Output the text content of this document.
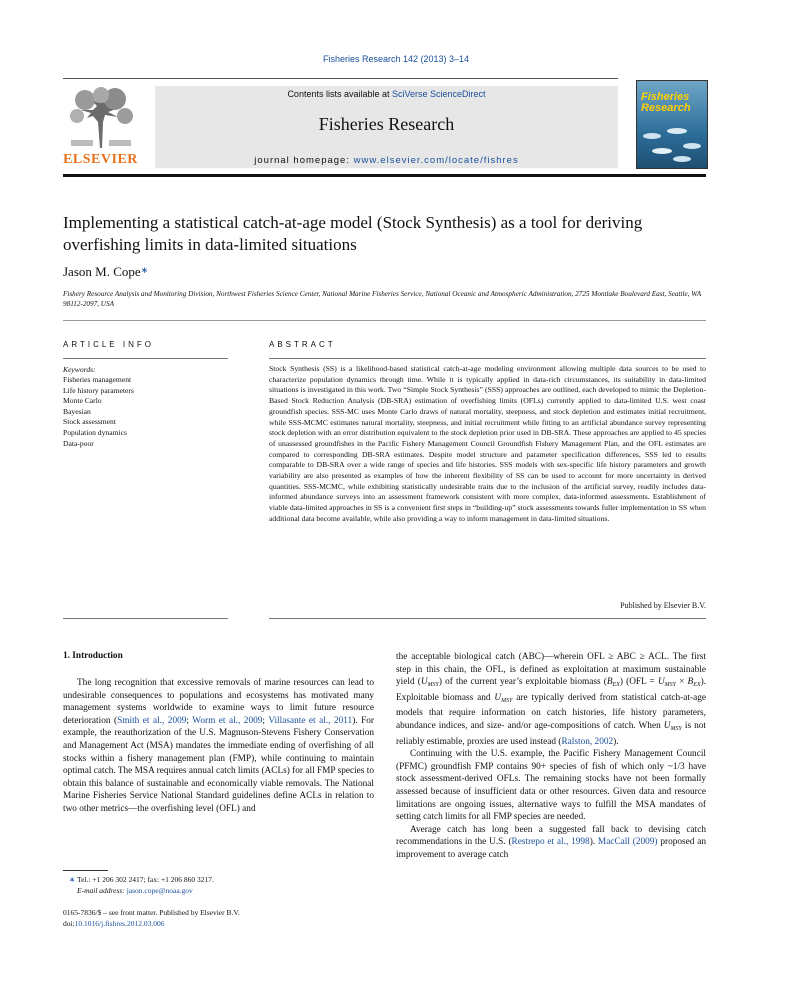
Fisheries Research 142 (2013) 3–14
ELSEVIER
Contents lists available at SciVerse ScienceDirect
Fisheries Research
journal homepage: www.elsevier.com/locate/fishres
Fisheries Research
Implementing a statistical catch-at-age model (Stock Synthesis) as a tool for deriving overfishing limits in data-limited situations
Jason M. Cope∗
Fishery Resource Analysis and Monitoring Division, Northwest Fisheries Science Center, National Marine Fisheries Service, National Oceanic and Atmospheric Administration, 2725 Montlake Boulevard East, Seattle, WA 98112-2097, USA
ARTICLE INFO
Keywords:
Fisheries management
Life history parameters
Monte Carlo
Bayesian
Stock assessment
Population dynamics
Data-poor
ABSTRACT
Stock Synthesis (SS) is a likelihood-based statistical catch-at-age modeling environment allowing multiple data sources to be used to characterize population dynamics through time. While it is typically applied in data-rich circumstances, its suitability in data-limited situations is investigated in this work. Two “Simple Stock Synthesis” (SSS) approaches are outlined, each developed to mimic the Depletion-Based Stock Reduction Analysis (DB-SRA) estimation of overfishing limits (OFLs) currently applied to data-limited U.S. west coast groundfish species. SSS-MC uses Monte Carlo draws of natural mortality, steepness, and stock depletion and estimates initial recruitment, while SSS-MCMC estimates natural mortality, steepness, and initial recruitment while fitting to an artificial abundance survey representing stock depletion with an error distribution equivalent to the stock depletion prior used in DB-SRA. These approaches are applied to 45 species of unassessed groundfishes in the Pacific Fishery Management Council Groundfish Fishery Management Plan, and the OFL estimates are compared to corresponding DB-SRA estimates. Despite model structure and parameter specification differences, SSS led to results comparable to DB-SRA over a wide range of species and life histories. SSS models with sex-specific life history parameters and growth variability are also presented as examples of how the inherent flexibility of SS can be used to account for more uncertainty in derived quantities. SSS-MCMC, while exhibiting statistically undesirable traits due to the inclusion of the artificial survey, readily includes data-informed abundance surveys into an assessment framework consistent with more complex, data-informed assessments. Establishment of viable data-limited approaches in SS is a convenient first steps in “building-up” stock assessments towards fuller implementation in SS when additional data become available, while also providing a way to inform management in data-limited situations.
Published by Elsevier B.V.
1. Introduction

The long recognition that excessive removals of marine resources can lead to undesirable consequences to populations and ecosystems has motivated many management systems worldwide to examine ways to limit future resource deterioration (Smith et al., 2009; Worm et al., 2009; Villasante et al., 2011). For example, the reauthorization of the U.S. Magnuson-Stevens Fishery Conservation and Management Act (MSA) mandates the immediate ending of overfishing of all stocks within a fishery management plan (FMP), while continuing to maintain optimal catch. The MSA requires annual catch limits (ACLs) for all FMP species to obtain this balance of sustainable and economically viable removals. The National Marine Fisheries Service National Standard guidelines define ACLs in relation to two other metrics—the overfishing level (OFL) and

the acceptable biological catch (ABC)—wherein OFL ≥ ABC ≥ ACL. The first step in this chain, the OFL, is defined as exploitation at maximum sustainable yield $(U_{MSY})$ of the current year’s exploitable biomass $(B_{EX}) (OFL = U_{MSY} \times B_{EX})$. Exploitable biomass and $U_{MSY}$ are typically derived from statistical catch-at-age models that require information on catch histories, life history parameters, abundance indices, and size- and/or age-compositions of catch. When $U_{MSY}$ is not reliably estimable, proxies are used instead (Ralston, 2002).

Continuing with the U.S. example, the Pacific Fishery Management Council (PFMC) groundfish FMP contains 90+ species of fish of which only ~1/3 have stock assessment-derived OFLs. The remaining stocks have not been formally assessed because of insufficient data or other resources. Given data and resource limitations are ongoing issues, alternative ways to fulfill the MSA mandates of setting catch limits for all FMP species are needed.

Average catch has long been a suggested fall back to devising catch recommendations in the U.S. (Restrepo et al., 1998). MacCall (2009) proposed an improvement to average catch

∗ Tel.: +1 206 302 2417; fax: +1 206 860 3217.
E-mail address: jason.cope@noaa.gov
0165-7836/$ – see front matter. Published by Elsevier B.V.
doi:10.1016/j.fishres.2012.03.006
